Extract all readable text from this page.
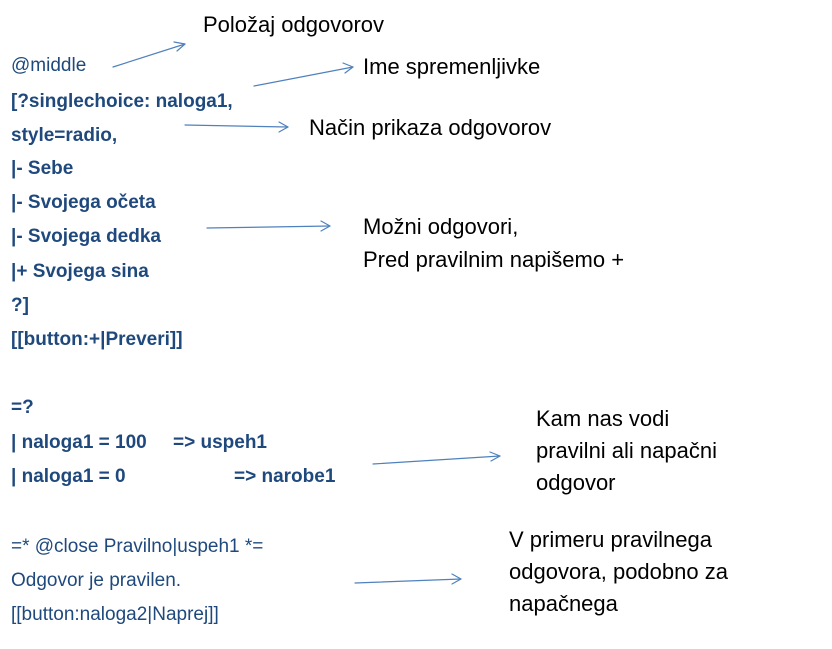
@middle
[?singlechoice: naloga1,
style=radio,
|- Sebe
|- Svojega očeta
|- Svojega dedka
|+ Svojega sina
?]
[[button:+|Preveri]]
=?
| naloga1 = 100 => uspeh1
| naloga1 = 0	=> narobe1
=* @close Pravilno|uspeh1 *=
Odgovor je pravilen.
[[button:naloga2|Naprej]]
Položaj odgovorov
Ime spremenljivke
Način prikaza odgovorov
Možni odgovori,
Pred pravilnim napišemo +
Kam nas vodi
pravilni ali napačni
odgovor
V primeru pravilnega
odgovora, podobno za
napačnega
